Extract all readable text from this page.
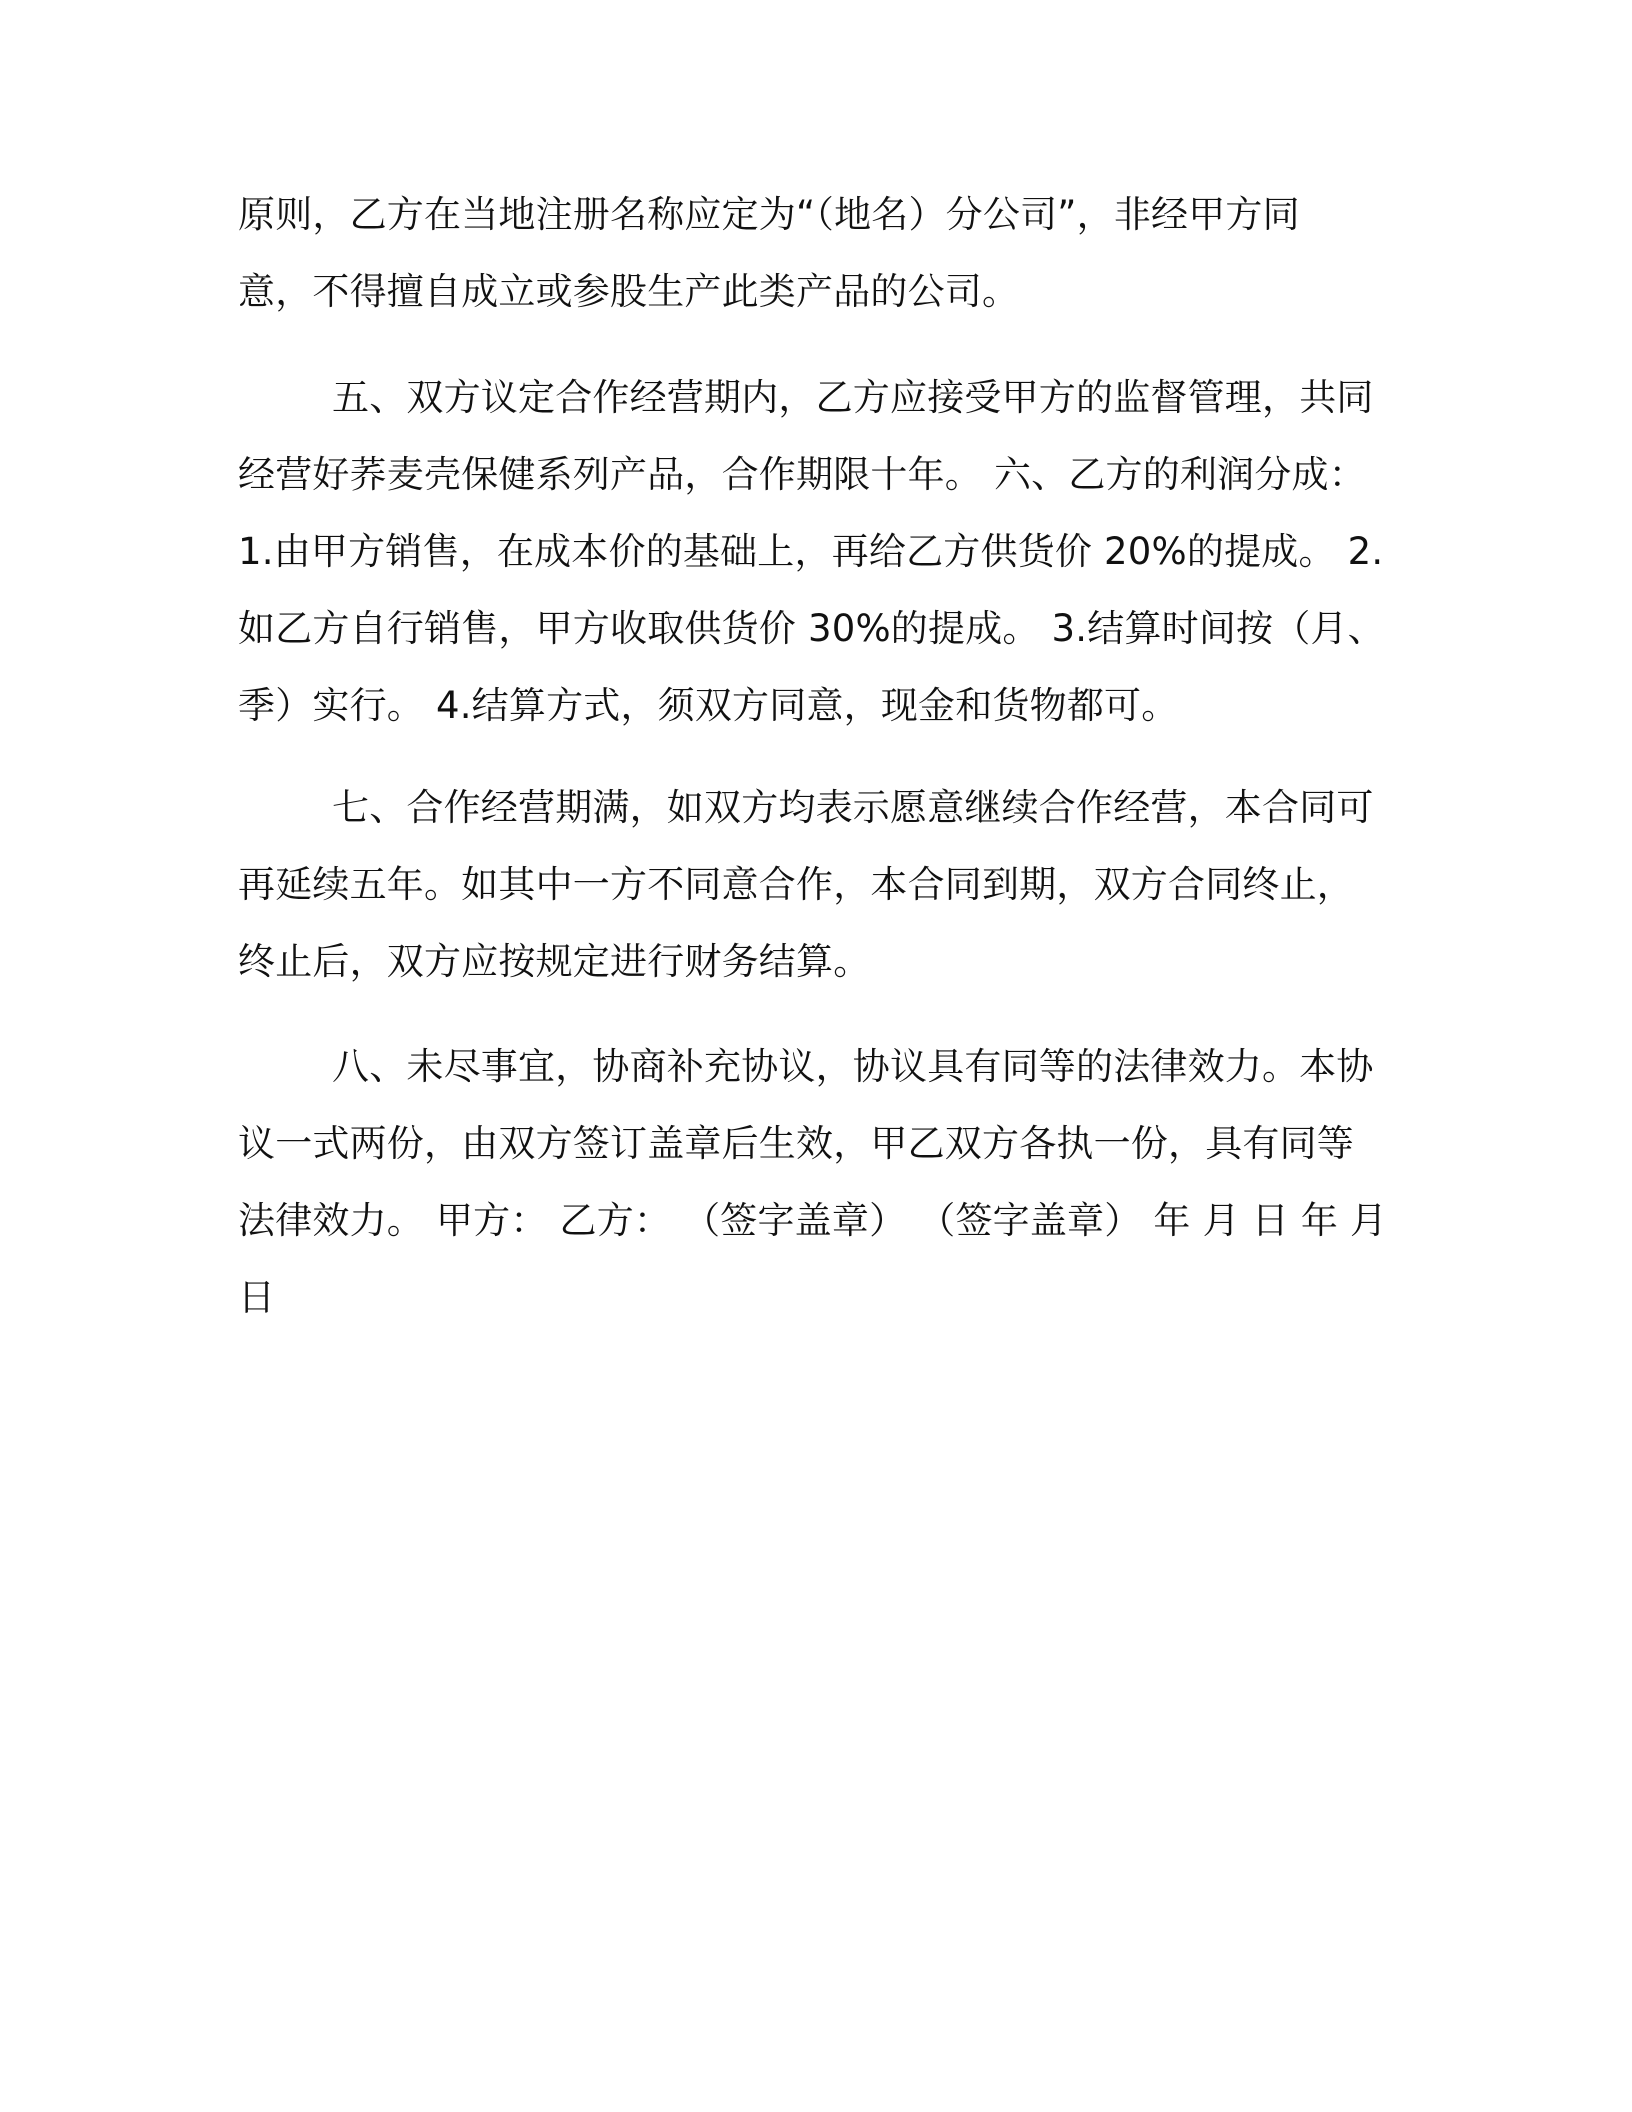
原则，乙方在当地注册名称应定为“（地名）分公司”，非经甲方同
意，不得擅自成立或参股生产此类产品的公司。
五、双方议定合作经营期内，乙方应接受甲方的监督管理，共同
经营好荞麦壳保健系列产品，合作期限十年。 六、乙方的利润分成：
1.由甲方销售，在成本价的基础上，再给乙方供货价 20%的提成。 2.
如乙方自行销售，甲方收取供货价 30%的提成。 3.结算时间按（月、
季）实行。 4.结算方式，须双方同意，现金和货物都可。
七、合作经营期满，如双方均表示愿意继续合作经营，本合同可
再延续五年。如其中一方不同意合作，本合同到期，双方合同终止，
终止后，双方应按规定进行财务结算。
八、未尽事宜，协商补充协议，协议具有同等的法律效力。本协
议一式两份，由双方签订盖章后生效，甲乙双方各执一份，具有同等
法律效力。 甲方： 乙方： （签字盖章） （签字盖章） 年 月 日 年 月
日
